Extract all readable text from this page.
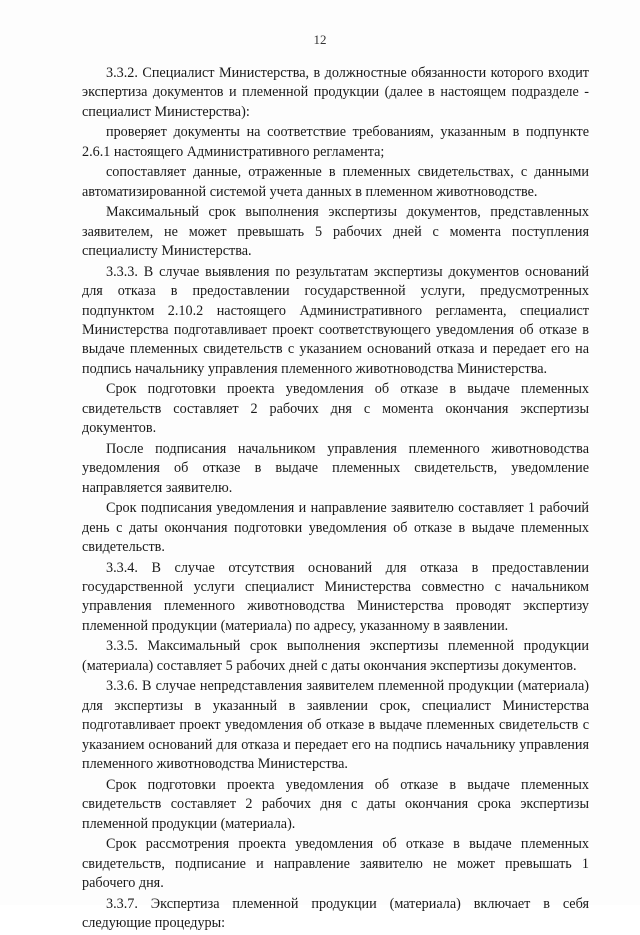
12

3.3.2. Специалист Министерства, в должностные обязанности которого входит экспертиза документов и племенной продукции (далее в настоящем подразделе - специалист Министерства):

проверяет документы на соответствие требованиям, указанным в подпункте 2.6.1 настоящего Административного регламента;

сопоставляет данные, отраженные в племенных свидетельствах, с данными автоматизированной системой учета данных в племенном животноводстве.

Максимальный срок выполнения экспертизы документов, представленных заявителем, не может превышать 5 рабочих дней с момента поступления специалисту Министерства.

3.3.3. В случае выявления по результатам экспертизы документов оснований для отказа в предоставлении государственной услуги, предусмотренных подпунктом 2.10.2 настоящего Административного регламента, специалист Министерства подготавливает проект соответствующего уведомления об отказе в выдаче племенных свидетельств с указанием оснований отказа и передает его на подпись начальнику управления племенного животноводства Министерства.

Срок подготовки проекта уведомления об отказе в выдаче племенных свидетельств составляет 2 рабочих дня с момента окончания экспертизы документов.

После подписания начальником управления племенного животноводства уведомления об отказе в выдаче племенных свидетельств, уведомление направляется заявителю.

Срок подписания уведомления и направление заявителю составляет 1 рабочий день с даты окончания подготовки уведомления об отказе в выдаче племенных свидетельств.

3.3.4. В случае отсутствия оснований для отказа в предоставлении государственной услуги специалист Министерства совместно с начальником управления племенного животноводства Министерства проводят экспертизу племенной продукции (материала) по адресу, указанному в заявлении.

3.3.5. Максимальный срок выполнения экспертизы племенной продукции (материала) составляет 5 рабочих дней с даты окончания экспертизы документов.

3.3.6. В случае непредставления заявителем племенной продукции (материала) для экспертизы в указанный в заявлении срок, специалист Министерства подготавливает проект уведомления об отказе в выдаче племенных свидетельств с указанием оснований для отказа и передает его на подпись начальнику управления племенного животноводства Министерства.

Срок подготовки проекта уведомления об отказе в выдаче племенных свидетельств составляет 2 рабочих дня с даты окончания срока экспертизы племенной продукции (материала).

Срок рассмотрения проекта уведомления об отказе в выдаче племенных свидетельств, подписание и направление заявителю не может превышать 1 рабочего дня.

3.3.7. Экспертиза племенной продукции (материала) включает в себя следующие процедуры:
